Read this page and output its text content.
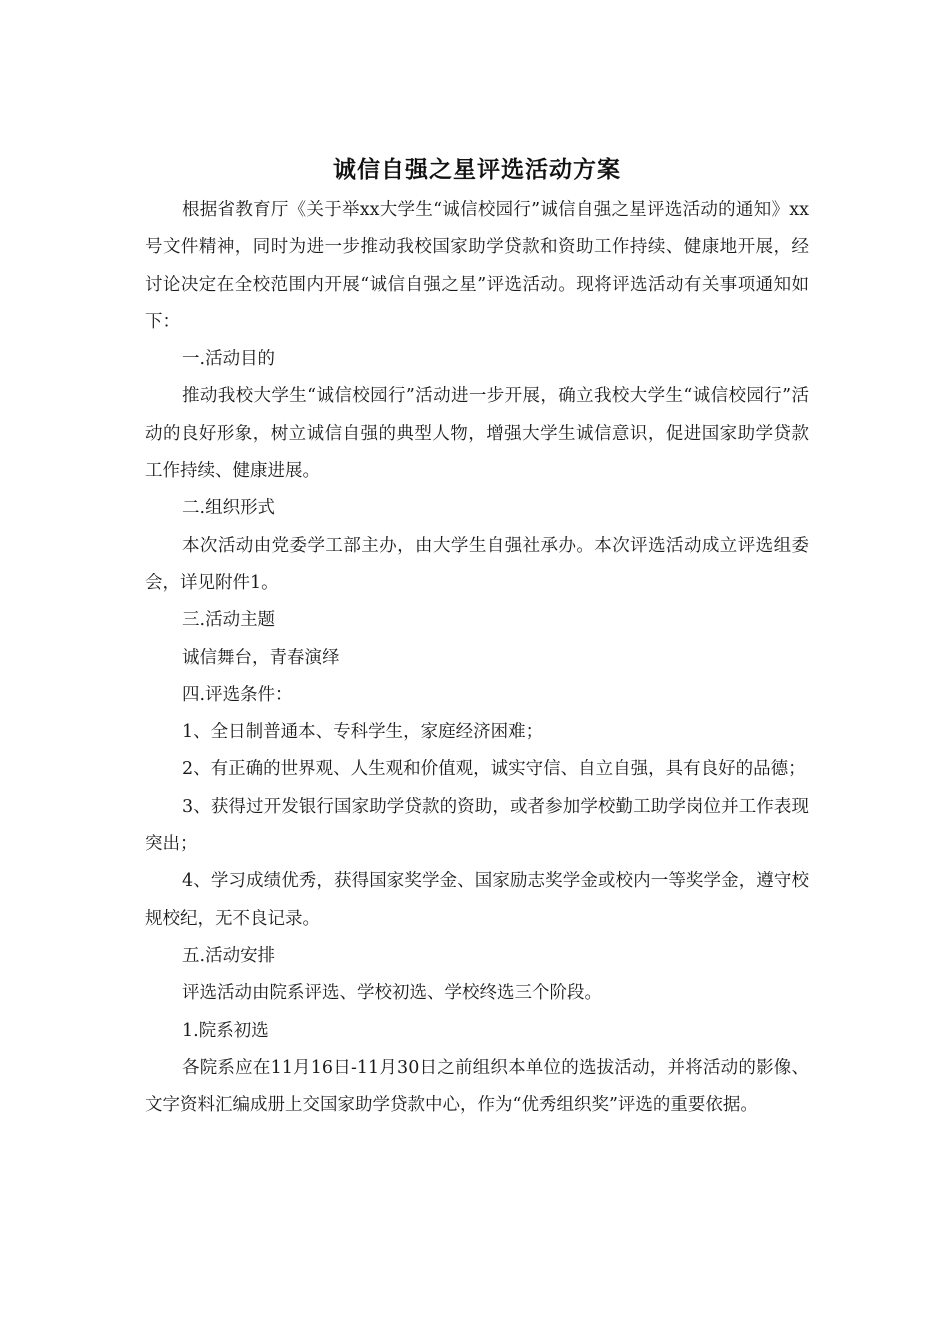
诚信自强之星评选活动方案

根据省教育厅《关于举xx大学生“诚信校园行”诚信自强之星评选活动的通知》xx号文件精神，同时为进一步推动我校国家助学贷款和资助工作持续、健康地开展，经讨论决定在全校范围内开展“诚信自强之星”评选活动。现将评选活动有关事项通知如下：

一.活动目的

推动我校大学生“诚信校园行”活动进一步开展，确立我校大学生“诚信校园行”活动的良好形象，树立诚信自强的典型人物，增强大学生诚信意识，促进国家助学贷款工作持续、健康进展。

二.组织形式

本次活动由党委学工部主办，由大学生自强社承办。本次评选活动成立评选组委会，详见附件1。

三.活动主题

诚信舞台，青春演绎

四.评选条件：

1、全日制普通本、专科学生，家庭经济困难；

2、有正确的世界观、人生观和价值观，诚实守信、自立自强，具有良好的品德；

3、获得过开发银行国家助学贷款的资助，或者参加学校勤工助学岗位并工作表现突出；

4、学习成绩优秀，获得国家奖学金、国家励志奖学金或校内一等奖学金，遵守校规校纪，无不良记录。

五.活动安排

评选活动由院系评选、学校初选、学校终选三个阶段。

1.院系初选

各院系应在11月16日-11月30日之前组织本单位的选拔活动，并将活动的影像、文字资料汇编成册上交国家助学贷款中心，作为“优秀组织奖”评选的重要依据。
